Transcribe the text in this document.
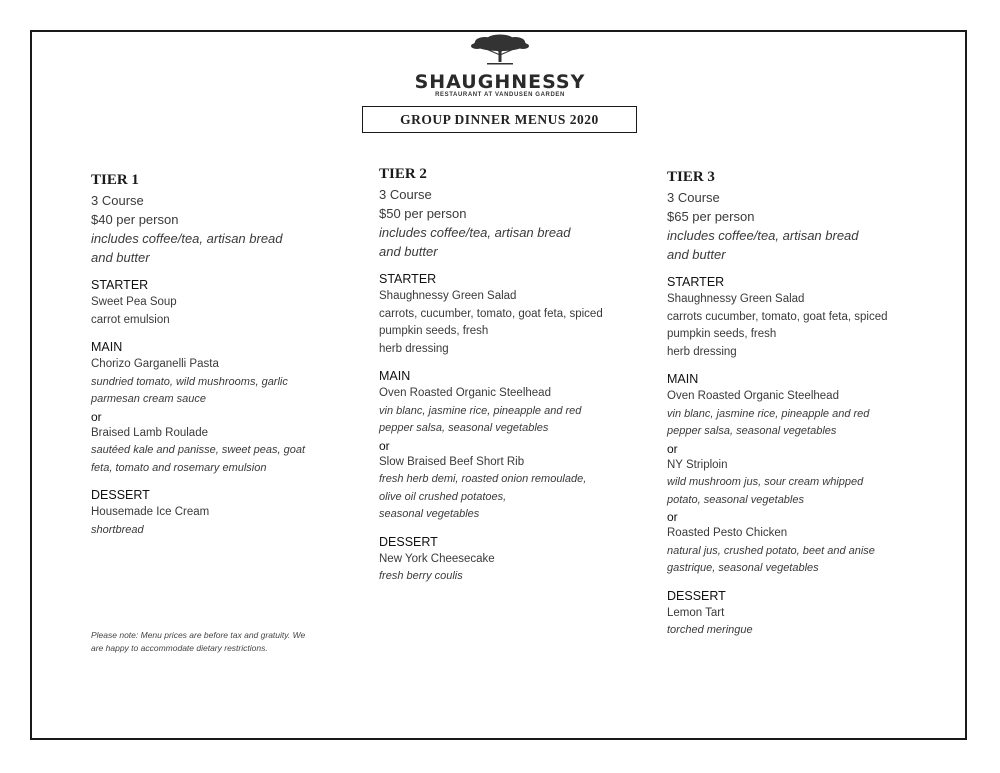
SHAUGHNESSY
RESTAURANT AT VANDUSEN GARDEN
GROUP DINNER MENUS 2020
TIER 1
3 Course
$40 per person
includes coffee/tea, artisan bread
and butter
STARTER
Sweet Pea Soup
carrot emulsion
MAIN
Chorizo Garganelli Pasta
sundried tomato, wild mushrooms, garlic
parmesan cream sauce
or
Braised Lamb Roulade
sautéed kale and panisse, sweet peas, goat
feta, tomato and rosemary emulsion
DESSERT
Housemade Ice Cream
shortbread
TIER 2
3 Course
$50 per person
includes coffee/tea, artisan bread
and butter
STARTER
Shaughnessy Green Salad
carrots, cucumber, tomato, goat feta, spiced
pumpkin seeds, fresh
herb dressing
MAIN
Oven Roasted Organic Steelhead
vin blanc, jasmine rice, pineapple and red
pepper salsa, seasonal vegetables
or
Slow Braised Beef Short Rib
fresh herb demi, roasted onion remoulade,
olive oil crushed potatoes,
seasonal vegetables
DESSERT
New York Cheesecake
fresh berry coulis
TIER 3
3 Course
$65 per person
includes coffee/tea, artisan bread
and butter
STARTER
Shaughnessy Green Salad
carrots cucumber, tomato, goat feta, spiced
pumpkin seeds, fresh
herb dressing
MAIN
Oven Roasted Organic Steelhead
vin blanc, jasmine rice, pineapple and red
pepper salsa, seasonal vegetables
or
NY Striploin
wild mushroom jus, sour cream whipped
potato, seasonal vegetables
or
Roasted Pesto Chicken
natural jus, crushed potato, beet and anise
gastrique, seasonal vegetables
DESSERT
Lemon Tart
torched meringue
Please note: Menu prices are before tax and gratuity. We
are happy to accommodate dietary restrictions.
